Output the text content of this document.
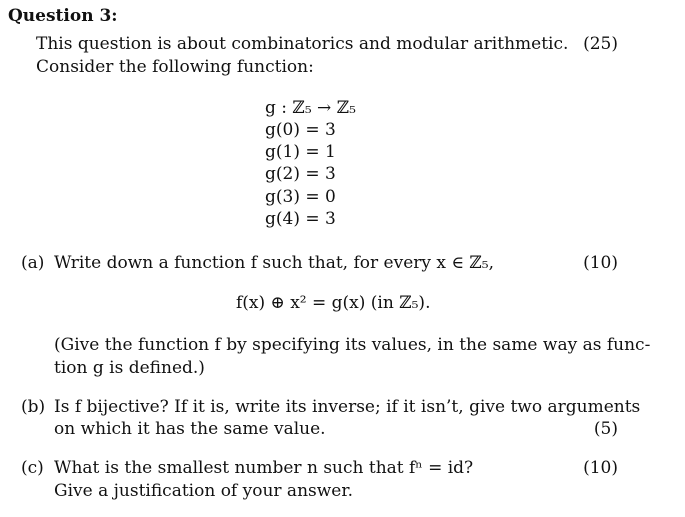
Question 3:
This question is about combinatorics and modular arithmetic. (25)
Consider the following function:
g : ℤ₅ → ℤ₅
g(0) = 3
g(1) = 1
g(2) = 3
g(3) = 0
g(4) = 3
(a) Write down a function f such that, for every x ∈ ℤ₅,	(10)
f(x) ⊕ x² = g(x) (in ℤ₅).
(Give the function f by specifying its values, in the same way as func-
tion g is defined.)
(b) Is f bijective? If it is, write its inverse; if it isn’t, give two arguments
on which it has the same value.	(5)
(c) What is the smallest number n such that fⁿ = id?	(10)
Give a justification of your answer.
